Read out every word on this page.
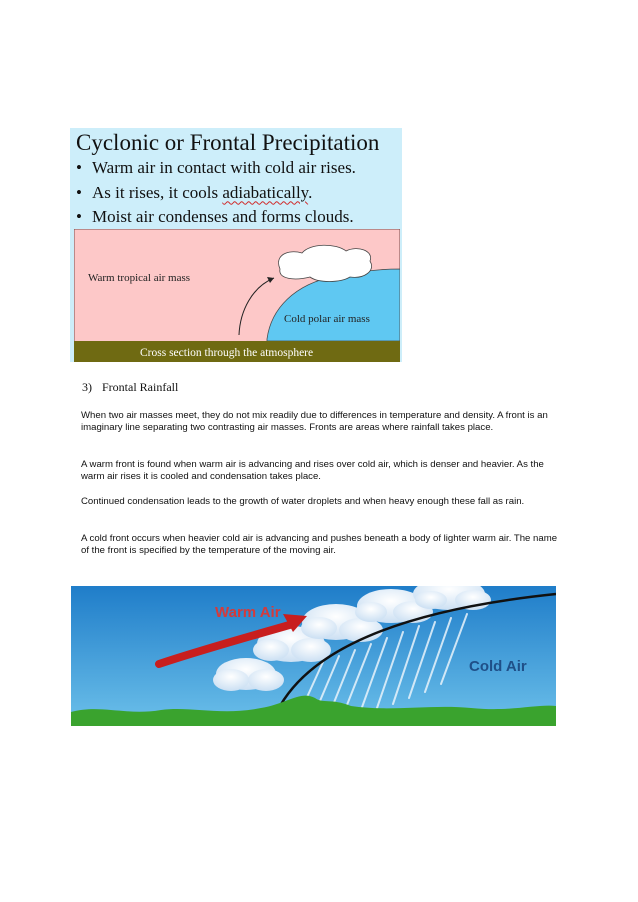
Cyclonic or Frontal Precipitation
• Warm air in contact with cold air rises.
• As it rises, it cools adiabatically.
• Moist air condenses and forms clouds.
Warm tropical air mass
Cold polar air mass
Cross section through the atmosphere
3) Frontal Rainfall

When two air masses meet, they do not mix readily due to differences in temperature and density. A front is an imaginary line separating two contrasting air masses. Fronts are areas where rainfall takes place.

A warm front is found when warm air is advancing and rises over cold air, which is denser and heavier. As the warm air rises it is cooled and condensation takes place.

Continued condensation leads to the growth of water droplets and when heavy enough these fall as rain.

A cold front occurs when heavier cold air is advancing and pushes beneath a body of lighter warm air. The name of the front is specified by the temperature of the moving air.

Warm Air
Cold Air
